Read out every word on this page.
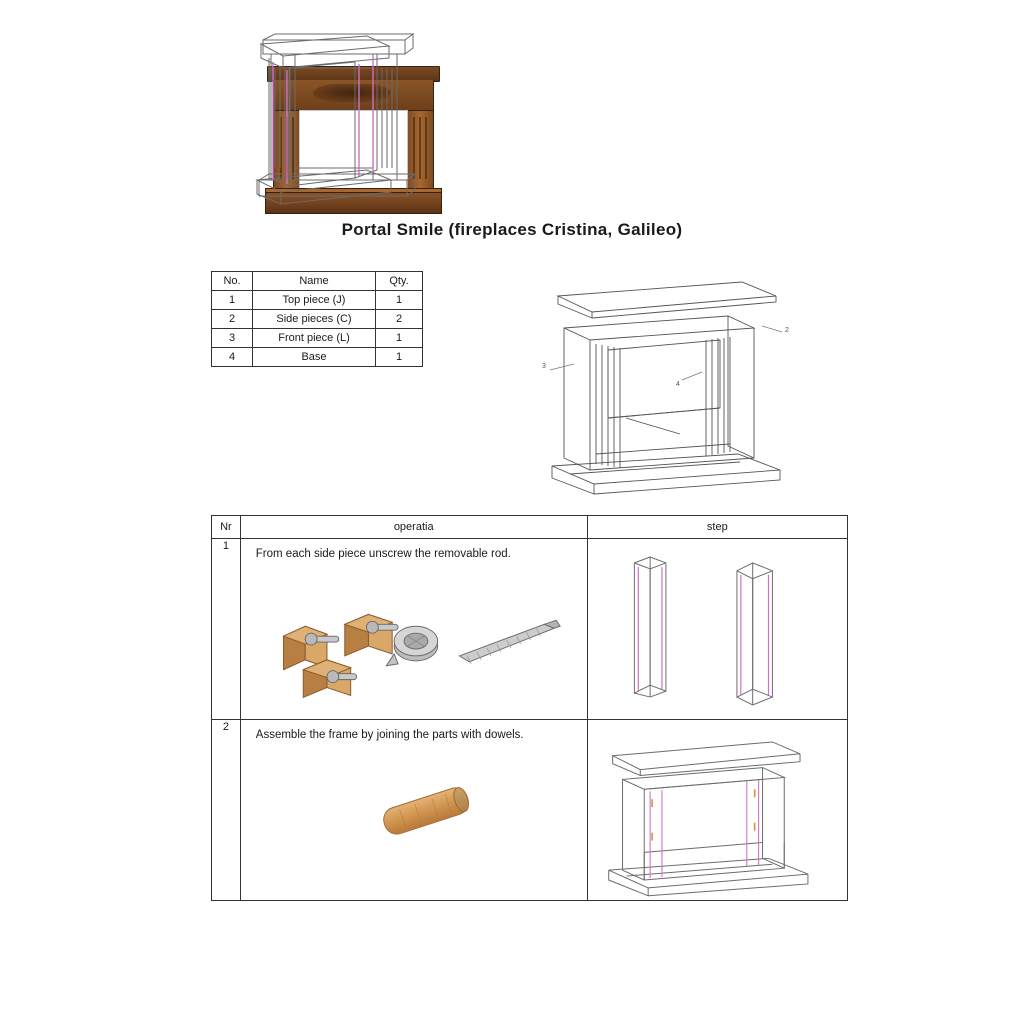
Portal Smile (fireplaces Cristina, Galileo)
No.	Name	Qty.
1	Top piece (J)	1
2	Side pieces (C)	2
3	Front piece (L)	1
4	Base	1
3
4
2
Nr	operatia	step
1	From each side piece unscrew the removable rod.

2	Assemble the frame by joining the parts with dowels.
